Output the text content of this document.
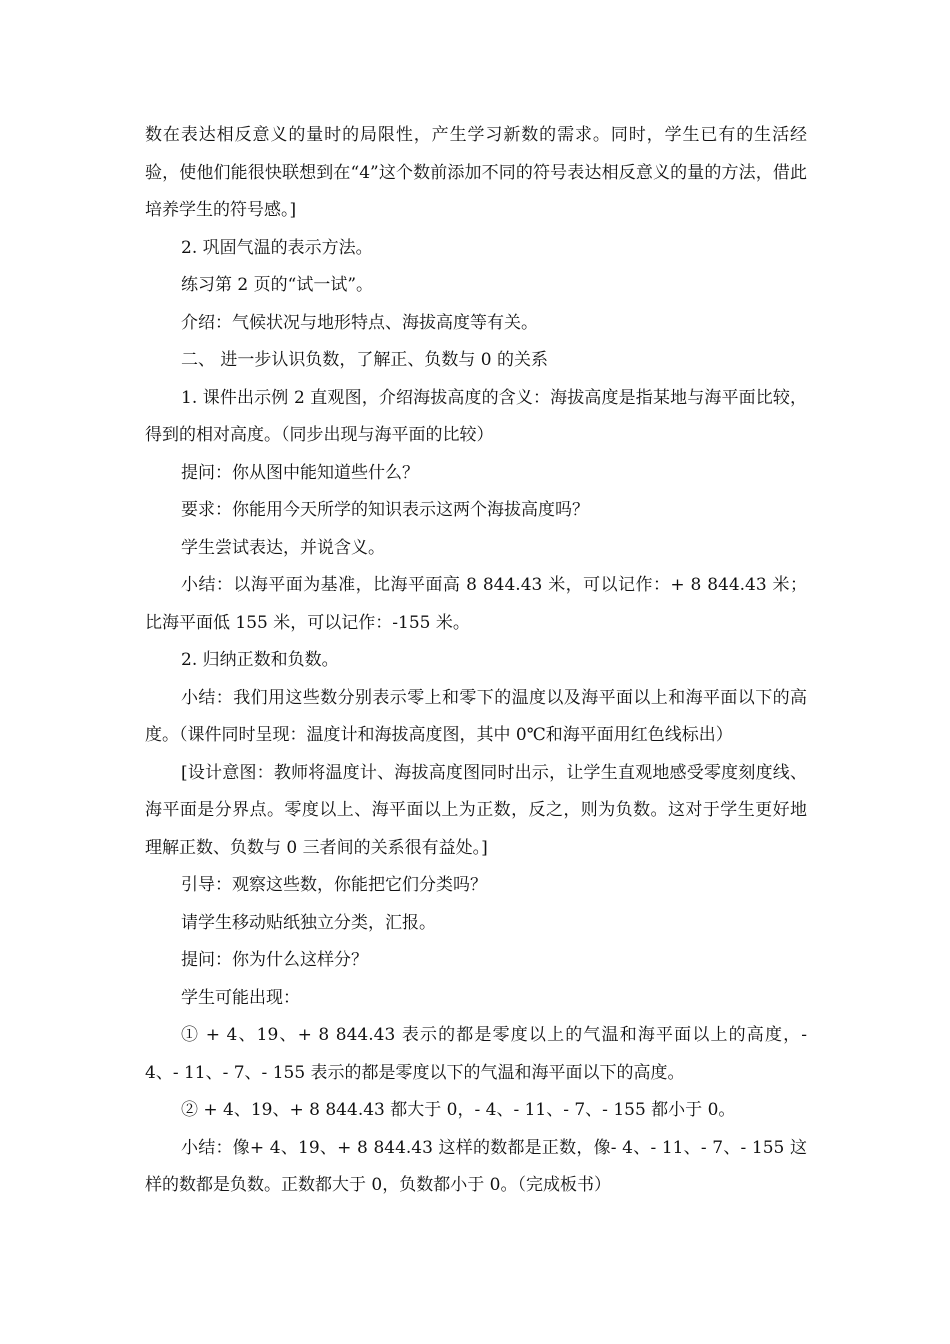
数在表达相反意义的量时的局限性，产生学习新数的需求。同时，学生已有的生活经验，使他们能很快联想到在“4”这个数前添加不同的符号表达相反意义的量的方法，借此培养学生的符号感。]

2. 巩固气温的表示方法。

练习第 2 页的“试一试”。

介绍：气候状况与地形特点、海拔高度等有关。

二、 进一步认识负数，了解正、负数与 0 的关系

1. 课件出示例 2 直观图，介绍海拔高度的含义：海拔高度是指某地与海平面比较，得到的相对高度。（同步出现与海平面的比较）

提问：你从图中能知道些什么？

要求：你能用今天所学的知识表示这两个海拔高度吗？

学生尝试表达，并说含义。

小结：以海平面为基准，比海平面高 8 844.43 米，可以记作：+ 8 844.43 米；比海平面低 155 米，可以记作：-155 米。

2. 归纳正数和负数。

小结：我们用这些数分别表示零上和零下的温度以及海平面以上和海平面以下的高度。（课件同时呈现：温度计和海拔高度图，其中 0℃和海平面用红色线标出）

[设计意图：教师将温度计、海拔高度图同时出示，让学生直观地感受零度刻度线、海平面是分界点。零度以上、海平面以上为正数，反之，则为负数。这对于学生更好地理解正数、负数与 0 三者间的关系很有益处。]

引导：观察这些数，你能把它们分类吗？

请学生移动贴纸独立分类，汇报。

提问：你为什么这样分？

学生可能出现：

① + 4、19、+ 8 844.43 表示的都是零度以上的气温和海平面以上的高度，- 4、- 11、- 7、- 155 表示的都是零度以下的气温和海平面以下的高度。

② + 4、19、+ 8 844.43 都大于 0，- 4、- 11、- 7、- 155 都小于 0。

小结：像+ 4、19、+ 8 844.43 这样的数都是正数，像- 4、- 11、- 7、- 155 这样的数都是负数。正数都大于 0，负数都小于 0。（完成板书）
